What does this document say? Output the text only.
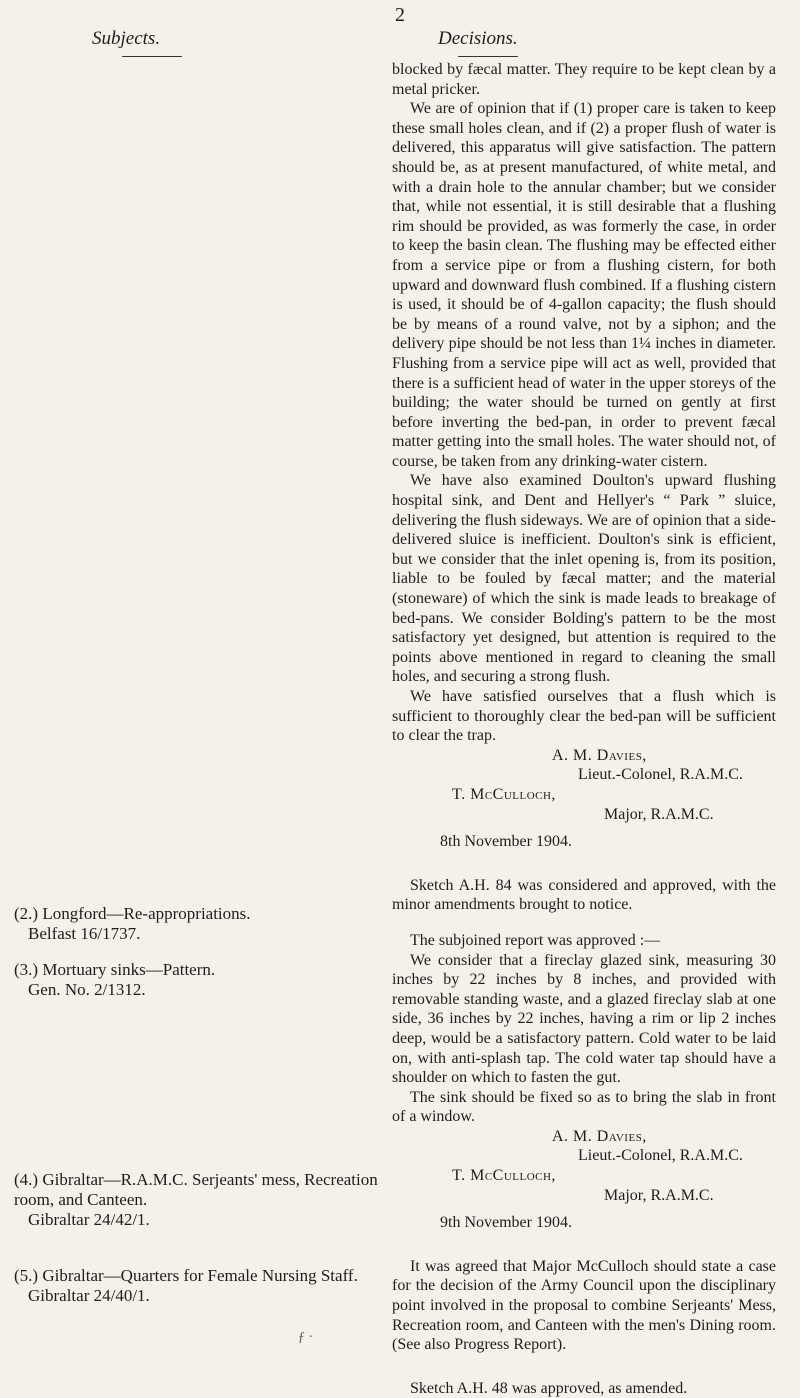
2
Subjects.	Decisions.

blocked by fæcal matter. They require to be kept clean by a metal pricker.

We are of opinion that if (1) proper care is taken to keep these small holes clean, and if (2) a proper flush of water is delivered, this apparatus will give satisfaction. The pattern should be, as at present manufactured, of white metal, and with a drain hole to the annular chamber; but we consider that, while not essential, it is still desirable that a flushing rim should be provided, as was formerly the case, in order to keep the basin clean. The flushing may be effected either from a service pipe or from a flushing cistern, for both upward and downward flush combined. If a flushing cistern is used, it should be of 4-gallon capacity; the flush should be by means of a round valve, not by a siphon; and the delivery pipe should be not less than 1¼ inches in diameter. Flushing from a service pipe will act as well, provided that there is a sufficient head of water in the upper storeys of the building; the water should be turned on gently at first before inverting the bed-pan, in order to prevent fæcal matter getting into the small holes. The water should not, of course, be taken from any drinking-water cistern.

We have also examined Doulton's upward flushing hospital sink, and Dent and Hellyer's “ Park ” sluice, delivering the flush sideways. We are of opinion that a side-delivered sluice is inefficient. Doulton's sink is efficient, but we consider that the inlet opening is, from its position, liable to be fouled by fæcal matter; and the material (stoneware) of which the sink is made leads to breakage of bed-pans. We consider Bolding's pattern to be the most satisfactory yet designed, but attention is required to the points above mentioned in regard to cleaning the small holes, and securing a strong flush.

We have satisfied ourselves that a flush which is sufficient to thoroughly clear the bed-pan will be sufficient to clear the trap.

A. M. Davies,
Lieut.-Colonel, R.A.M.C.
T. McCulloch,
Major, R.A.M.C.

8th November 1904.

Sketch A.H. 84 was considered and approved, with the minor amendments brought to notice.

The subjoined report was approved :—

We consider that a fireclay glazed sink, measuring 30 inches by 22 inches by 8 inches, and provided with removable standing waste, and a glazed fireclay slab at one side, 36 inches by 22 inches, having a rim or lip 2 inches deep, would be a satisfactory pattern. Cold water to be laid on, with anti-splash tap. The cold water tap should have a shoulder on which to fasten the gut.

The sink should be fixed so as to bring the slab in front of a window.

A. M. Davies,
Lieut.-Colonel, R.A.M.C.
T. McCulloch,
Major, R.A.M.C.

9th November 1904.

It was agreed that Major McCulloch should state a case for the decision of the Army Council upon the disciplinary point involved in the proposal to combine Serjeants' Mess, Recreation room, and Canteen with the men's Dining room. (See also Progress Report).

Sketch A.H. 48 was approved, as amended.

(2.) Longford—Re-appropriations.
Belfast 16/1737.
(3.) Mortuary sinks—Pattern.
Gen. No. 2/1312.
(4.) Gibraltar—R.A.M.C. Serjeants' mess, Recreation room, and Canteen.
Gibraltar 24/42/1.
(5.) Gibraltar—Quarters for Female Nursing Staff.
Gibraltar 24/40/1.
ƒ ·
